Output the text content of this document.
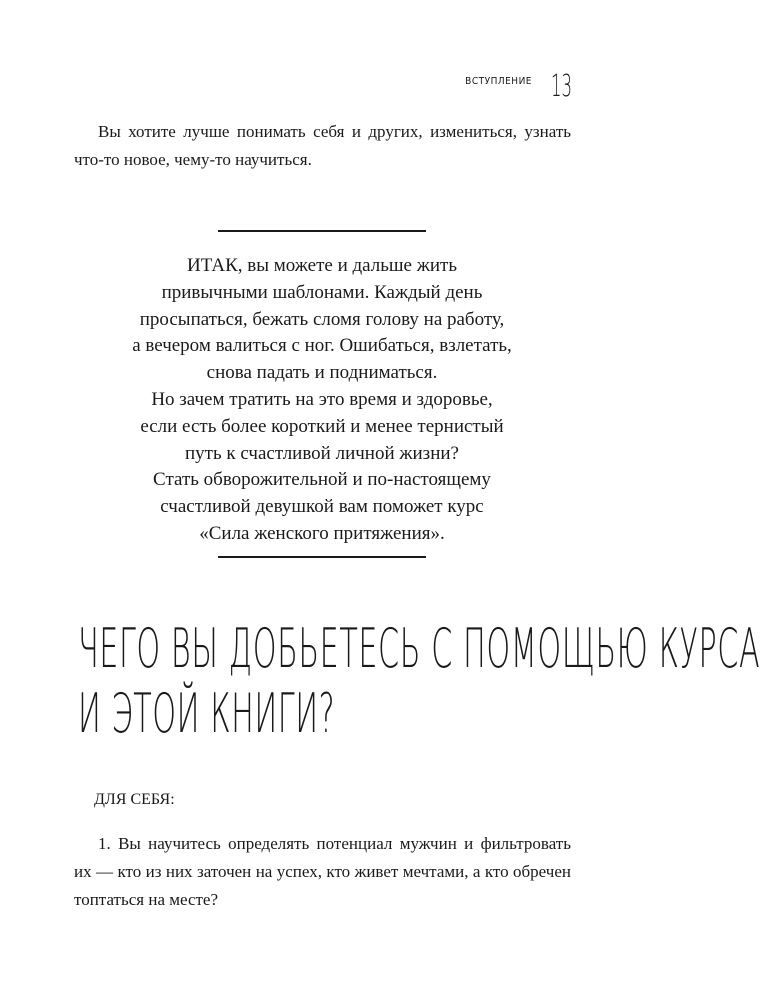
ВСТУПЛЕНИЕ 13

Вы хотите лучше понимать себя и других, измениться, узнать что-то новое, чему-то научиться.

ИТАК, вы можете и дальше жить
привычными шаблонами. Каждый день
просыпаться, бежать сломя голову на работу,
а вечером валиться с ног. Ошибаться, взлетать,
снова падать и подниматься.
Но зачем тратить на это время и здоровье,
если есть более короткий и менее тернистый
путь к счастливой личной жизни?
Стать обворожительной и по-настоящему
счастливой девушкой вам поможет курс
«Сила женского притяжения».
ЧЕГО ВЫ ДОБЬЕТЕСЬ С ПОМОЩЬЮ КУРСА
И ЭТОЙ КНИГИ?
ДЛЯ СЕБЯ:

1. Вы научитесь определять потенциал мужчин и фильтровать их — кто из них заточен на успех, кто живет мечтами, а кто обречен топтаться на месте?
